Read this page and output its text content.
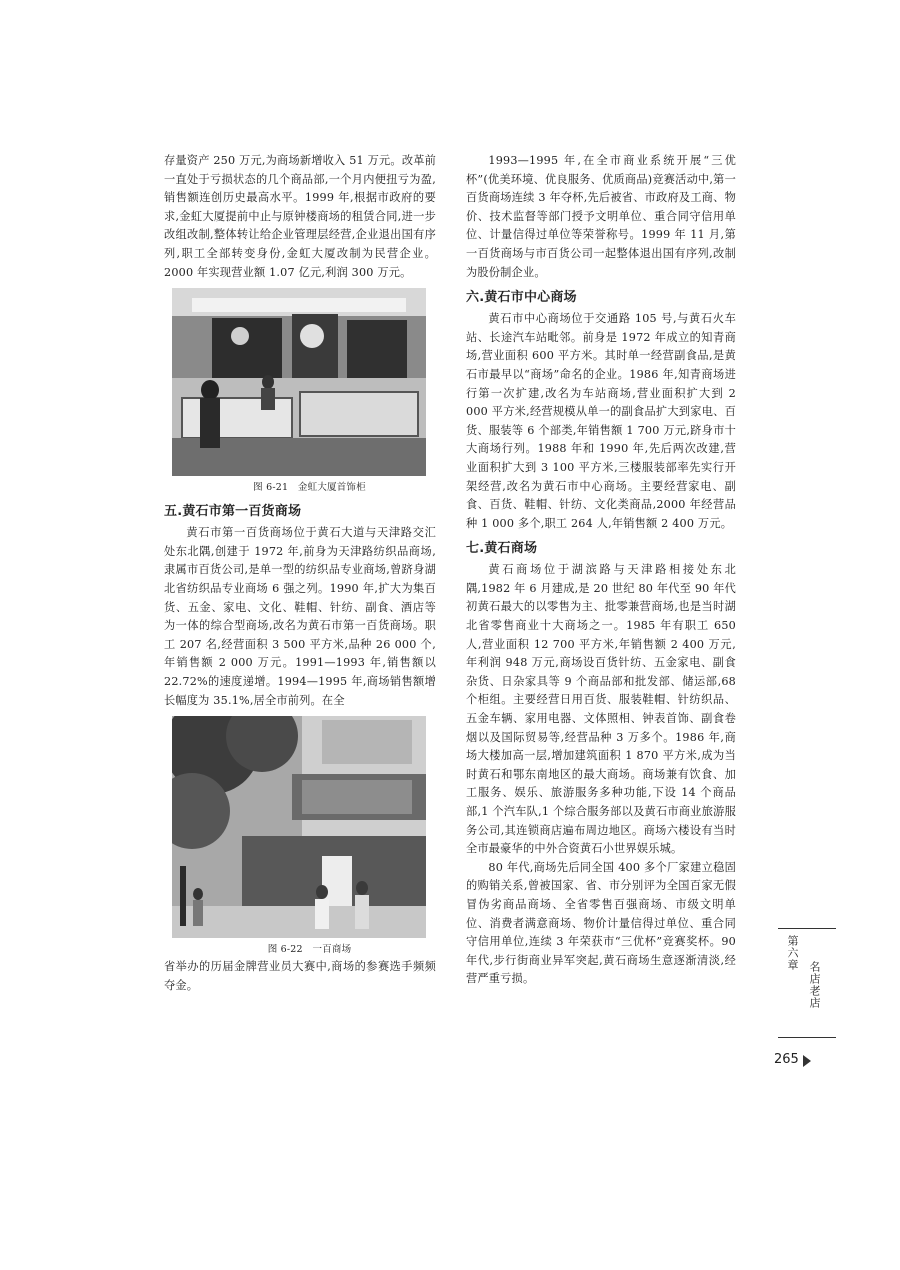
存量资产 250 万元,为商场新增收入 51 万元。改革前一直处于亏损状态的几个商品部,一个月内便扭亏为盈,销售额连创历史最高水平。1999 年,根据市政府的要求,金虹大厦提前中止与原钟楼商场的租赁合同,进一步改组改制,整体转让给企业管理层经营,企业退出国有序列,职工全部转变身份,金虹大厦改制为民营企业。2000 年实现营业额 1.07 亿元,利润 300 万元。

图 6-21　金虹大厦首饰柜

五.黄石市第一百货商场

黄石市第一百货商场位于黄石大道与天津路交汇处东北隅,创建于 1972 年,前身为天津路纺织品商场,隶属市百货公司,是单一型的纺织品专业商场,曾跻身湖北省纺织品专业商场 6 强之列。1990 年,扩大为集百货、五金、家电、文化、鞋帽、针纺、副食、酒店等为一体的综合型商场,改名为黄石市第一百货商场。职工 207 名,经营面积 3 500 平方米,品种 26 000 个,年销售额 2 000 万元。1991—1993 年,销售额以 22.72%的速度递增。1994—1995 年,商场销售额增长幅度为 35.1%,居全市前列。在全

图 6-22　一百商场

省举办的历届金牌营业员大赛中,商场的参赛选手频频夺金。

1993—1995 年,在全市商业系统开展“三优杯”(优美环境、优良服务、优质商品)竞赛活动中,第一百货商场连续 3 年夺杯,先后被省、市政府及工商、物价、技术监督等部门授予文明单位、重合同守信用单位、计量信得过单位等荣誉称号。1999 年 11 月,第一百货商场与市百货公司一起整体退出国有序列,改制为股份制企业。

六.黄石市中心商场

黄石市中心商场位于交通路 105 号,与黄石火车站、长途汽车站毗邻。前身是 1972 年成立的知青商场,营业面积 600 平方米。其时单一经营副食品,是黄石市最早以“商场”命名的企业。1986 年,知青商场进行第一次扩建,改名为车站商场,营业面积扩大到 2 000 平方米,经营规模从单一的副食品扩大到家电、百货、服装等 6 个部类,年销售额 1 700 万元,跻身市十大商场行列。1988 年和 1990 年,先后两次改建,营业面积扩大到 3 100 平方米,三楼服装部率先实行开架经营,改名为黄石市中心商场。主要经营家电、副食、百货、鞋帽、针纺、文化类商品,2000 年经营品种 1 000 多个,职工 264 人,年销售额 2 400 万元。

七.黄石商场

黄石商场位于湖滨路与天津路相接处东北隅,1982 年 6 月建成,是 20 世纪 80 年代至 90 年代初黄石最大的以零售为主、批零兼营商场,也是当时湖北省零售商业十大商场之一。1985 年有职工 650 人,营业面积 12 700 平方米,年销售额 2 400 万元,年利润 948 万元,商场设百货针纺、五金家电、副食杂货、日杂家具等 9 个商品部和批发部、储运部,68 个柜组。主要经营日用百货、服装鞋帽、针纺织品、五金车辆、家用电器、文体照相、钟表首饰、副食卷烟以及国际贸易等,经营品种 3 万多个。1986 年,商场大楼加高一层,增加建筑面积 1 870 平方米,成为当时黄石和鄂东南地区的最大商场。商场兼有饮食、加工服务、娱乐、旅游服务多种功能,下设 14 个商品部,1 个汽车队,1 个综合服务部以及黄石市商业旅游服务公司,其连锁商店遍布周边地区。商场六楼设有当时全市最豪华的中外合资黄石小世界娱乐城。

80 年代,商场先后同全国 400 多个厂家建立稳固的购销关系,曾被国家、省、市分别评为全国百家无假冒伪劣商品商场、全省零售百强商场、市级文明单位、消费者满意商场、物价计量信得过单位、重合同守信用单位,连续 3 年荣获市“三优杯”竞赛奖杯。90 年代,步行街商业异军突起,黄石商场生意逐渐清淡,经营严重亏损。

第六章
名店老店
265
